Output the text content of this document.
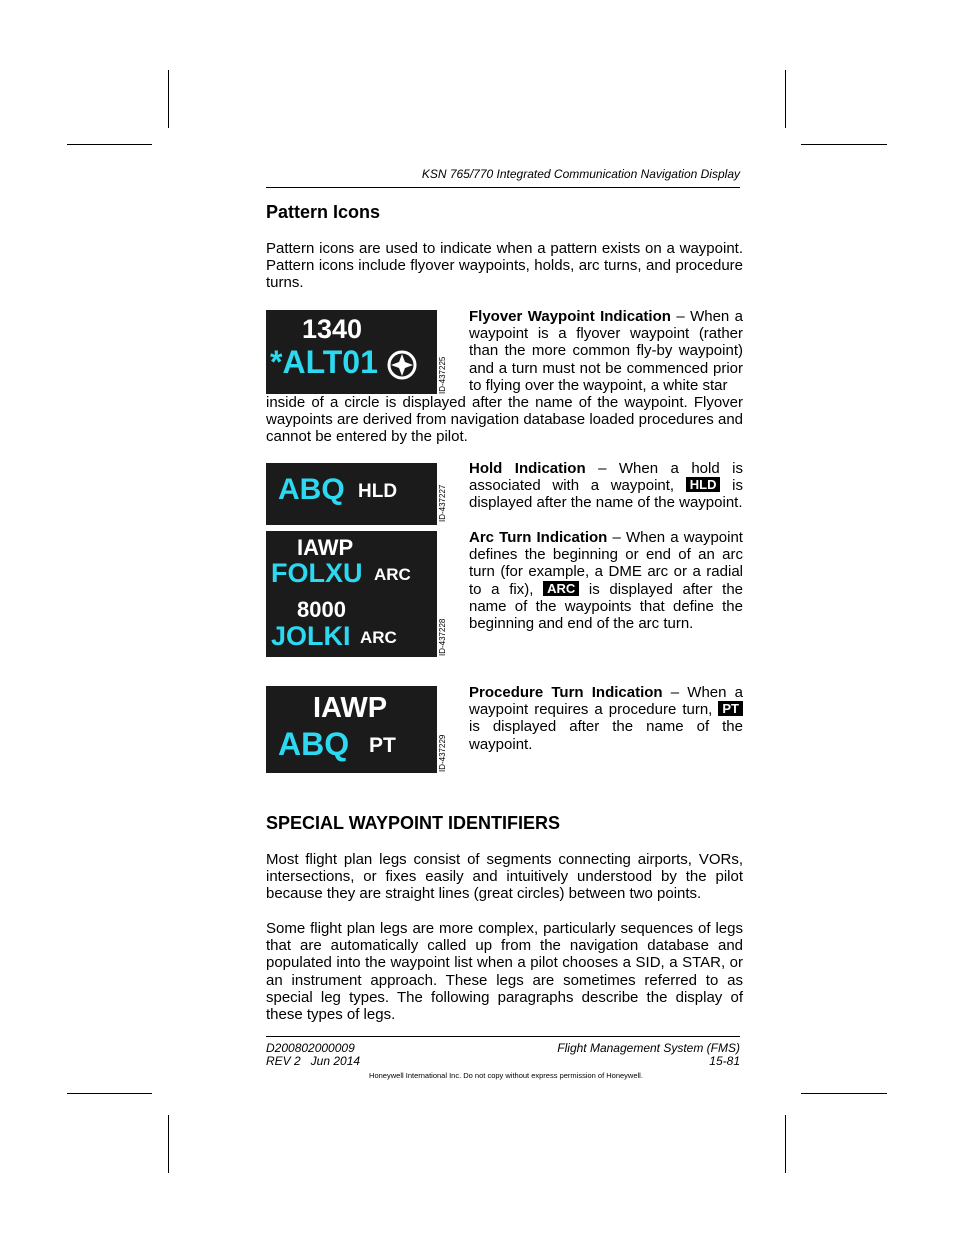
KSN 765/770 Integrated Communication Navigation Display
Pattern Icons

Pattern icons are used to indicate when a pattern exists on a waypoint. Pattern icons include flyover waypoints, holds, arc turns, and procedure turns.

1340
*ALT01	ID-437225

Flyover Waypoint Indication – When a waypoint is a flyover waypoint (rather than the more common fly-by waypoint) and a turn must not be commenced prior to flying over the waypoint, a white star

inside of a circle is displayed after the name of the waypoint. Flyover waypoints are derived from navigation database loaded procedures and cannot be entered by the pilot.

ABQ HLD	ID-437227

Hold Indication – When a hold is associated with a waypoint, HLD is displayed after the name of the waypoint.

IAWP
FOLXU ARC
8000
JOLKI ARC	ID-437228

Arc Turn Indication – When a waypoint defines the beginning or end of an arc turn (for example, a DME arc or a radial to a fix), ARC is displayed after the name of the waypoints that define the beginning and end of the arc turn.

IAWP
ABQ PT	ID-437229

Procedure Turn Indication – When a waypoint requires a procedure turn, PT is displayed after the name of the waypoint.

SPECIAL WAYPOINT IDENTIFIERS

Most flight plan legs consist of segments connecting airports, VORs, intersections, or fixes easily and intuitively understood by the pilot because they are straight lines (great circles) between two points.

Some flight plan legs are more complex, particularly sequences of legs that are automatically called up from the navigation database and populated into the waypoint list when a pilot chooses a SID, a STAR, or an instrument approach. These legs are sometimes referred to as special leg types. The following paragraphs describe the display of these types of legs.

D200802000009
REV 2   Jun 2014
Flight Management System (FMS)
15-81
Honeywell International Inc. Do not copy without express permission of Honeywell.
